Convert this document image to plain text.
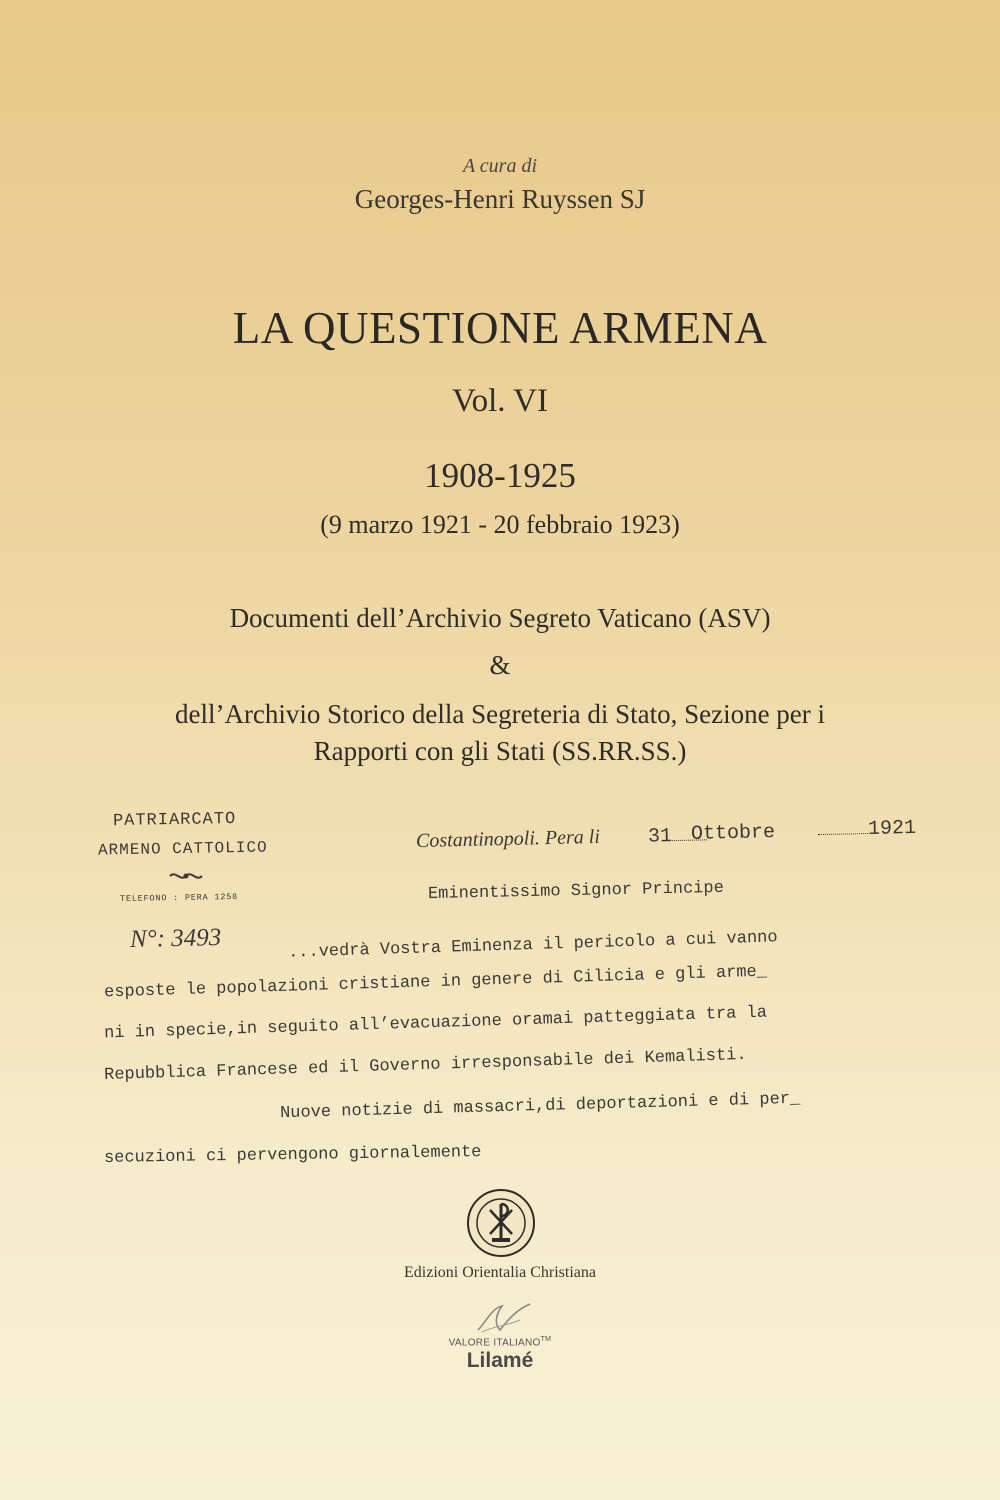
A cura di
Georges-Henri Ruyssen SJ
LA QUESTIONE ARMENA
Vol. VI
1908-1925
(9 marzo 1921 - 20 febbraio 1923)
Documenti dell’Archivio Segreto Vaticano (ASV)
&
dell’Archivio Storico della Segreteria di Stato, Sezione per i
Rapporti con gli Stati (SS.RR.SS.)
PATRIARCATO
ARMENO CATTOLICO
TELEFONO : PERA 1258
N°: 3493
Costantinopoli. Pera li 31 Ottobre	1921
Eminentissimo Signor Principe
...vedrà Vostra Eminenza il pericolo a cui vanno
esposte le popolazioni cristiane in genere di Cilicia e gli arme_
ni in specie,in seguito all’evacuazione oramai patteggiata tra la
Repubblica Francese ed il Governo irresponsabile dei Kemalisti.
Nuove notizie di massacri,di deportazioni e di per_
secuzioni ci pervengono giornalemente
Edizioni Orientalia Christiana
VALORE ITALIANO™
Lilamé
